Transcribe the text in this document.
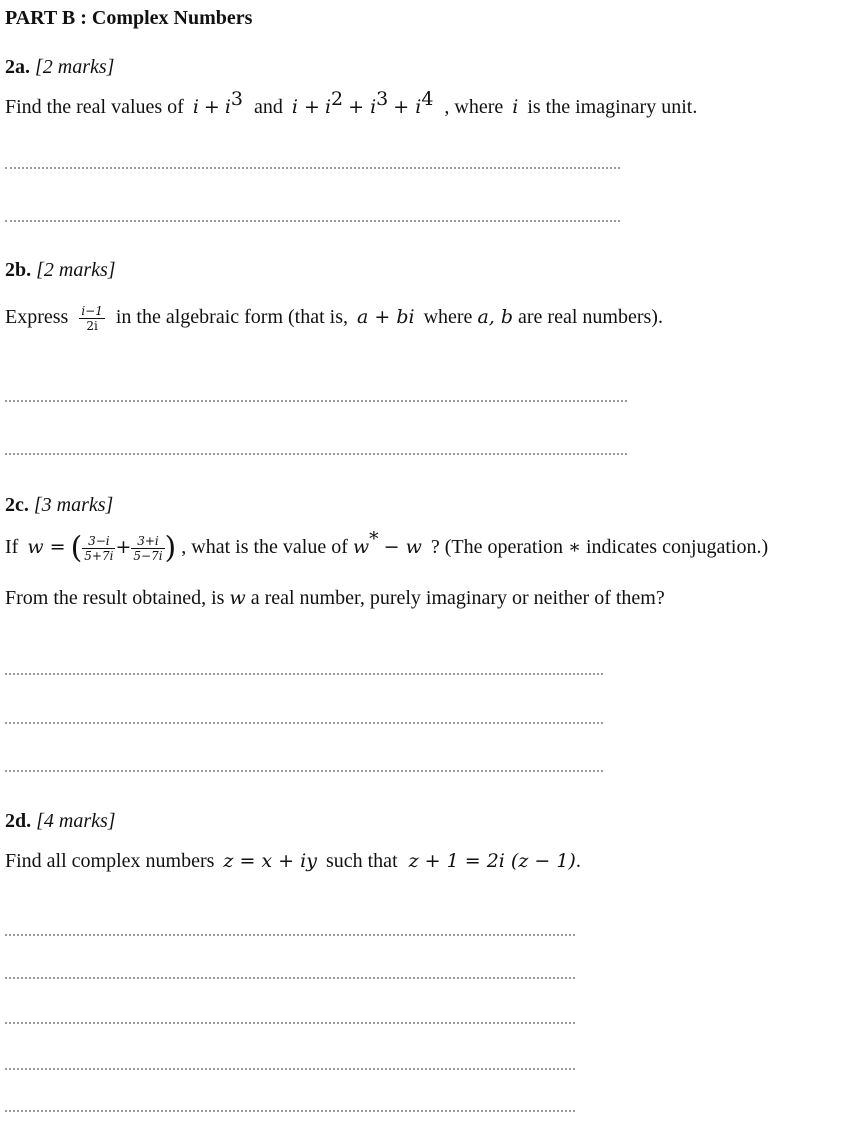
PART B : Complex Numbers
2a. [2 marks]
Find the real values of $i + i^3$ and $i + i^2 + i^3 + i^4$ , where i is the imaginary unit.
2b. [2 marks]
Express $\frac{i-1}{2i}$ in the algebraic form (that is, a + bi where a, b are real numbers).
2c. [3 marks]
If w = ( $\frac{3-i}{5+7i} + \frac{3+i}{5-7i}$ ) , what is the value of w* − w ? (The operation ∗ indicates conjugation.)
From the result obtained, is w a real number, purely imaginary or neither of them?
2d. [4 marks]
Find all complex numbers z = x + iy such that z + 1 = 2i (z − 1).
